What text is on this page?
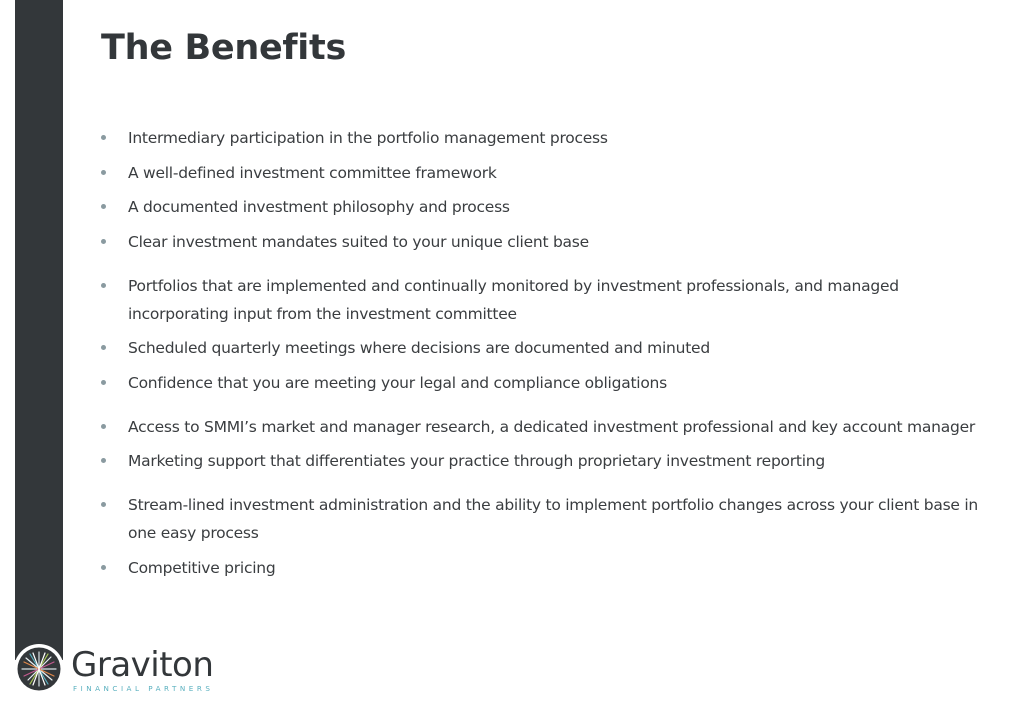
The Benefits
Intermediary participation in the portfolio management process
A well-defined investment committee framework
A documented investment philosophy and process
Clear investment mandates suited to your unique client base
Portfolios that are implemented and continually monitored by investment professionals, and managed incorporating input from the investment committee
Scheduled quarterly meetings where decisions are documented and minuted
Confidence that you are meeting your legal and compliance obligations
Access to SMMI’s market and manager research, a dedicated investment professional and key account manager
Marketing support that differentiates your practice through proprietary investment reporting
Stream-lined investment administration and the ability to implement portfolio changes across your client base in one easy process
Competitive pricing
Graviton
FINANCIAL PARTNERS
